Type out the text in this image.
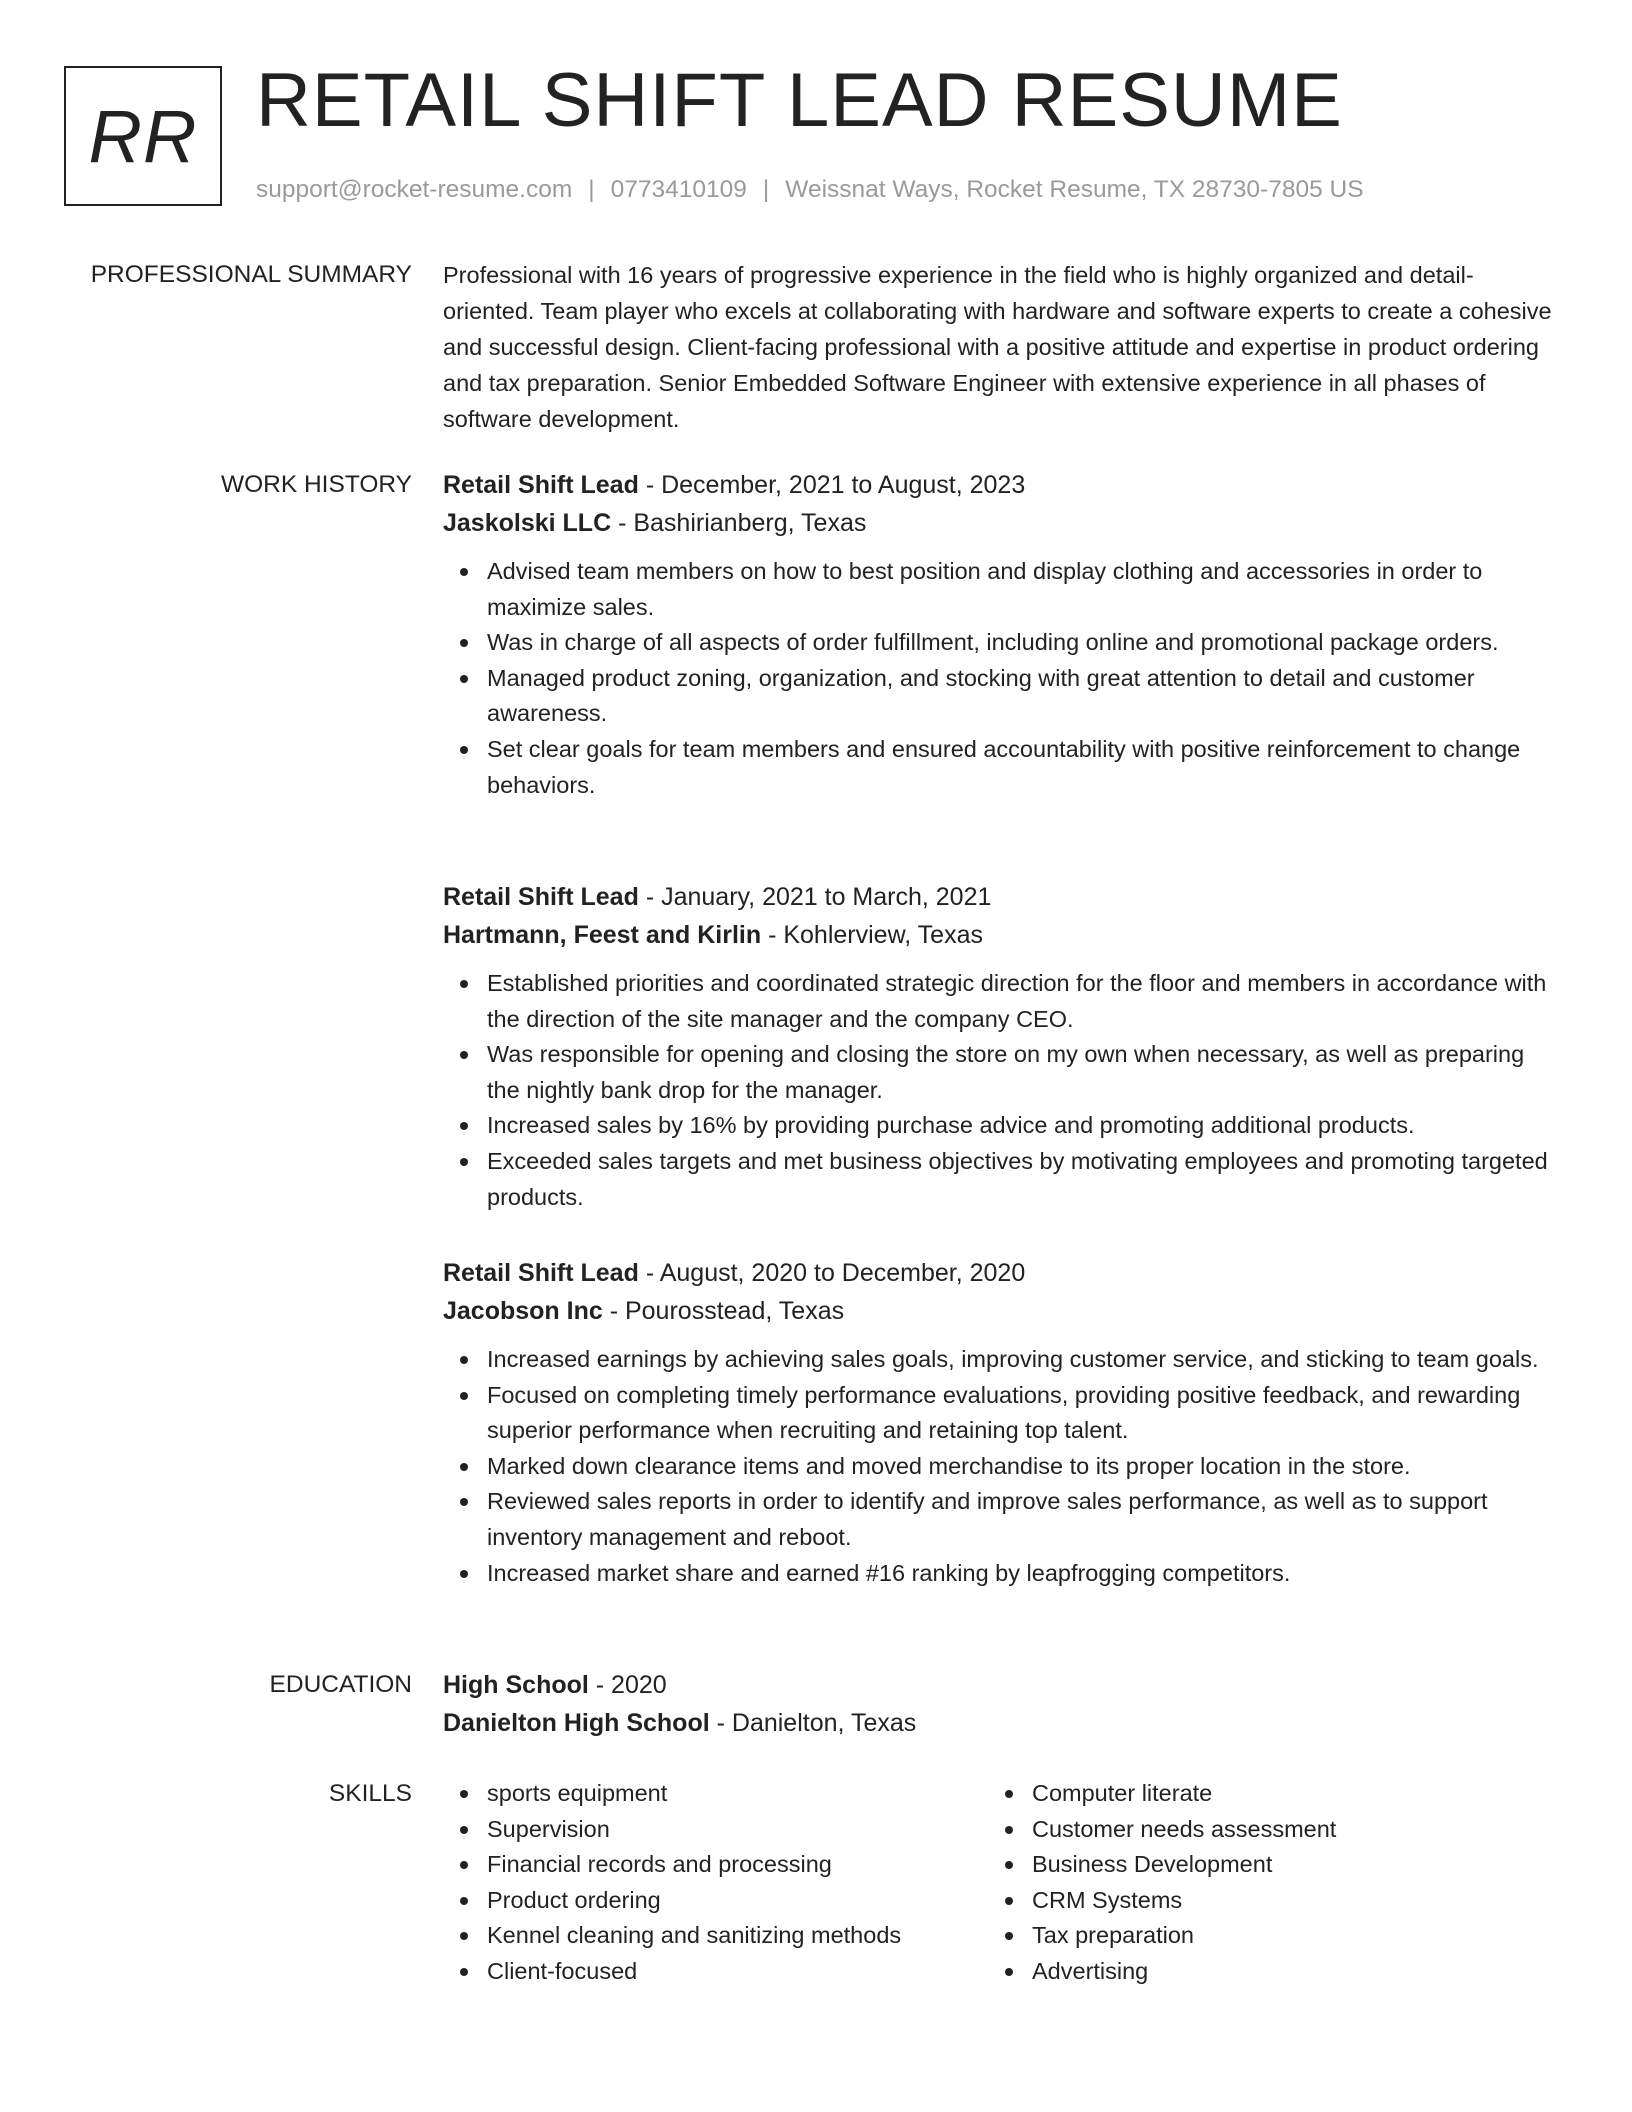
RR RETAIL SHIFT LEAD RESUME
support@rocket-resume.com | 0773410109 | Weissnat Ways, Rocket Resume, TX 28730-7805 US
PROFESSIONAL SUMMARY Professional with 16 years of progressive experience in the field who is highly organized and detail-oriented. Team player who excels at collaborating with hardware and software experts to create a cohesive and successful design. Client-facing professional with a positive attitude and expertise in product ordering and tax preparation. Senior Embedded Software Engineer with extensive experience in all phases of software development.

WORK HISTORY Retail Shift Lead - December, 2021 to August, 2023
Jaskolski LLC - Bashirianberg, Texas
Advised team members on how to best position and display clothing and accessories in order to maximize sales.
Was in charge of all aspects of order fulfillment, including online and promotional package orders.
Managed product zoning, organization, and stocking with great attention to detail and customer awareness.
Set clear goals for team members and ensured accountability with positive reinforcement to change behaviors.
Retail Shift Lead - January, 2021 to March, 2021
Hartmann, Feest and Kirlin - Kohlerview, Texas
Established priorities and coordinated strategic direction for the floor and members in accordance with the direction of the site manager and the company CEO.
Was responsible for opening and closing the store on my own when necessary, as well as preparing the nightly bank drop for the manager.
Increased sales by 16% by providing purchase advice and promoting additional products.
Exceeded sales targets and met business objectives by motivating employees and promoting targeted products.
Retail Shift Lead - August, 2020 to December, 2020
Jacobson Inc - Pourosstead, Texas
Increased earnings by achieving sales goals, improving customer service, and sticking to team goals.
Focused on completing timely performance evaluations, providing positive feedback, and rewarding superior performance when recruiting and retaining top talent.
Marked down clearance items and moved merchandise to its proper location in the store.
Reviewed sales reports in order to identify and improve sales performance, as well as to support inventory management and reboot.
Increased market share and earned #16 ranking by leapfrogging competitors.
EDUCATION High School - 2020
Danielton High School - Danielton, Texas
SKILLS	sports equipment
Supervision
Financial records and processing
Product ordering
Kennel cleaning and sanitizing methods
Client-focused
Computer literate
Customer needs assessment
Business Development
CRM Systems
Tax preparation
Advertising
